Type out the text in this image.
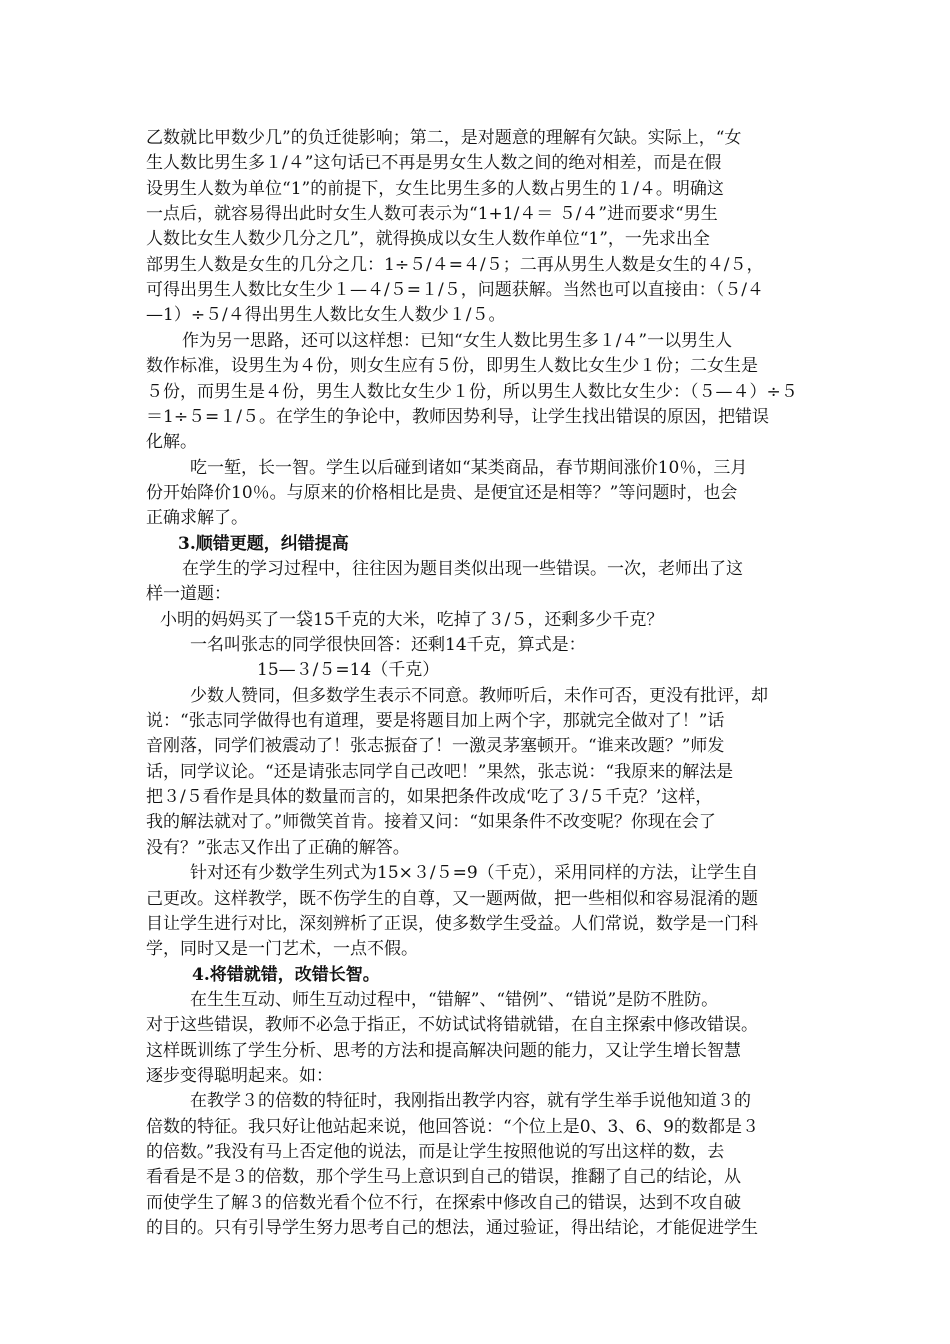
乙数就比甲数少几”的负迁徙影响；第二，是对题意的理解有欠缺。实际上，“女
生人数比男生多１/４”这句话已不再是男女生人数之间的绝对相差，而是在假
设男生人数为单位“1”的前提下，女生比男生多的人数占男生的１/４。明确这
一点后，就容易得出此时女生人数可表示为“1+1/４＝ ５/４”进而要求“男生
人数比女生人数少几分之几”，就得换成以女生人数作单位“1”，一先求出全
部男生人数是女生的几分之几：1÷５/４=４/５；二再从男生人数是女生的４/５，
可得出男生人数比女生少１—４/５=１/５，问题获解。当然也可以直接由：（５/４
—1）÷５/４得出男生人数比女生人数少１/５。
作为另一思路，还可以这样想：已知“女生人数比男生多１/４”一以男生人
数作标准，设男生为４份，则女生应有５份，即男生人数比女生少１份；二女生是
５份，而男生是４份，男生人数比女生少１份，所以男生人数比女生少：（５—４）÷５
＝1÷５=１/５。在学生的争论中，教师因势利导，让学生找出错误的原因，把错误
化解。
吃一堑，长一智。学生以后碰到诸如“某类商品，春节期间涨价10％，三月
份开始降价10％。与原来的价格相比是贵、是便宜还是相等？”等问题时，也会
正确求解了。
3.顺错更题，纠错提高
在学生的学习过程中，往往因为题目类似出现一些错误。一次，老师出了这
样一道题：
小明的妈妈买了一袋15千克的大米，吃掉了３/５，还剩多少千克？
一名叫张志的同学很快回答：还剩14千克，算式是：
15—３/５=14（千克）
少数人赞同，但多数学生表示不同意。教师听后，未作可否，更没有批评，却
说：“张志同学做得也有道理，要是将题目加上两个字，那就完全做对了！”话
音刚落，同学们被震动了！张志振奋了！一激灵茅塞顿开。“谁来改题？”师发
话，同学议论。“还是请张志同学自己改吧！”果然，张志说：“我原来的解法是
把３/５看作是具体的数量而言的，如果把条件改成‘吃了３/５千克？’这样，
我的解法就对了。”师微笑首肯。接着又问：“如果条件不改变呢？你现在会了
没有？”张志又作出了正确的解答。
针对还有少数学生列式为15×３/５=9（千克），采用同样的方法，让学生自
己更改。这样教学，既不伤学生的自尊，又一题两做，把一些相似和容易混淆的题
目让学生进行对比，深刻辨析了正误，使多数学生受益。人们常说，数学是一门科
学，同时又是一门艺术，一点不假。
4.将错就错，改错长智。
在生生互动、师生互动过程中，“错解”、“错例”、“错说”是防不胜防。
对于这些错误，教师不必急于指正，不妨试试将错就错，在自主探索中修改错误。
这样既训练了学生分析、思考的方法和提高解决问题的能力，又让学生增长智慧
逐步变得聪明起来。如：
在教学３的倍数的特征时，我刚指出教学内容，就有学生举手说他知道３的
倍数的特征。我只好让他站起来说，他回答说：“个位上是0、3、6、9的数都是３
的倍数。”我没有马上否定他的说法，而是让学生按照他说的写出这样的数，去
看看是不是３的倍数，那个学生马上意识到自己的错误，推翻了自己的结论，从
而使学生了解３的倍数光看个位不行，在探索中修改自己的错误，达到不攻自破
的目的。只有引导学生努力思考自己的想法，通过验证，得出结论，才能促进学生
